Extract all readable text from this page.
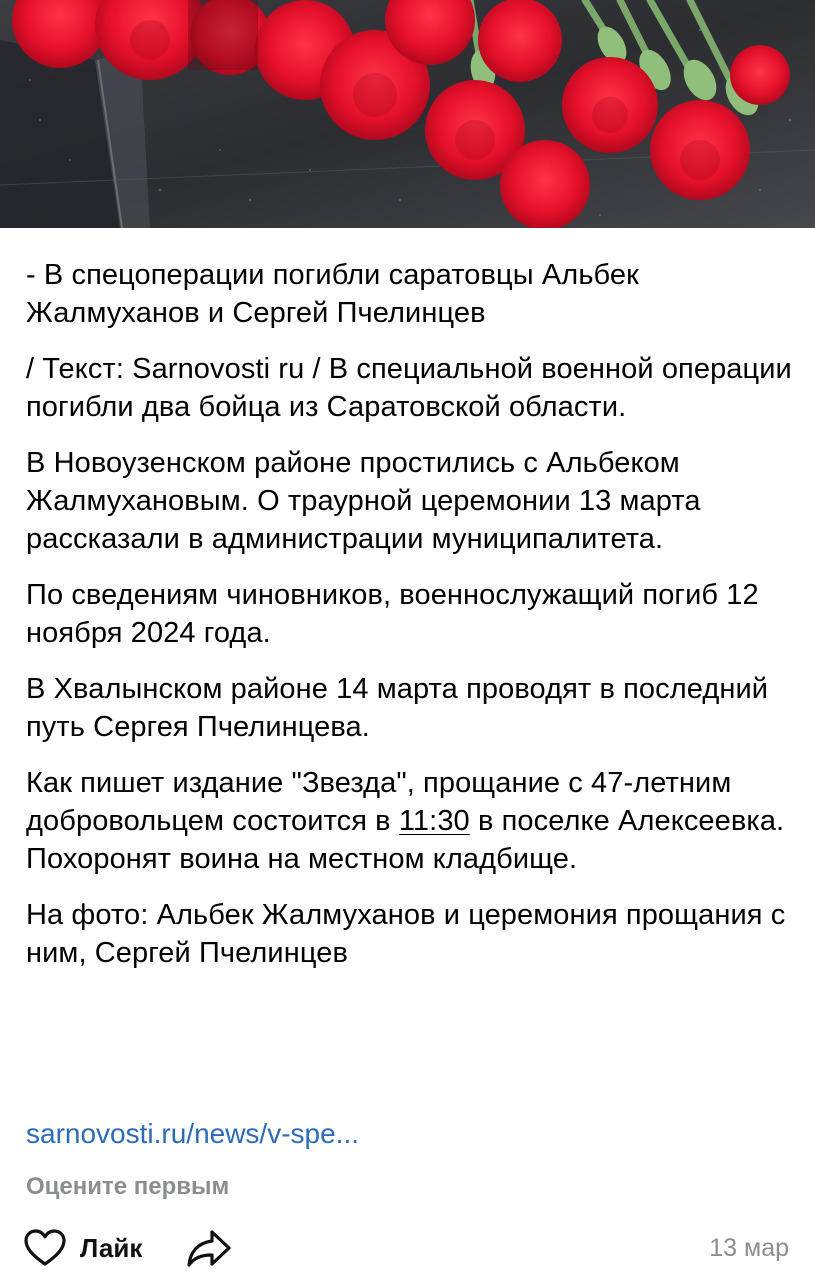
- В спецоперации погибли саратовцы Альбек Жалмуханов и Сергей Пчелинцев

/ Текст: Sarnovosti ru / В специальной военной операции погибли два бойца из Саратовской области.

В Новоузенском районе простились с Альбеком Жалмухановым. О траурной церемонии 13 марта рассказали в администрации муниципалитета.

По сведениям чиновников, военнослужащий погиб 12 ноября 2024 года.

В Хвалынском районе 14 марта проводят в последний путь Сергея Пчелинцева.

Как пишет издание "Звезда", прощание с 47-летним добровольцем состоится в 11:30 в поселке Алексеевка. Похоронят воина на местном кладбище.

На фото: Альбек Жалмуханов и церемония прощания с ним, Сергей Пчелинцев

sarnovosti.ru/news/v-spe...
Оцените первым
Лайк	13 мар
